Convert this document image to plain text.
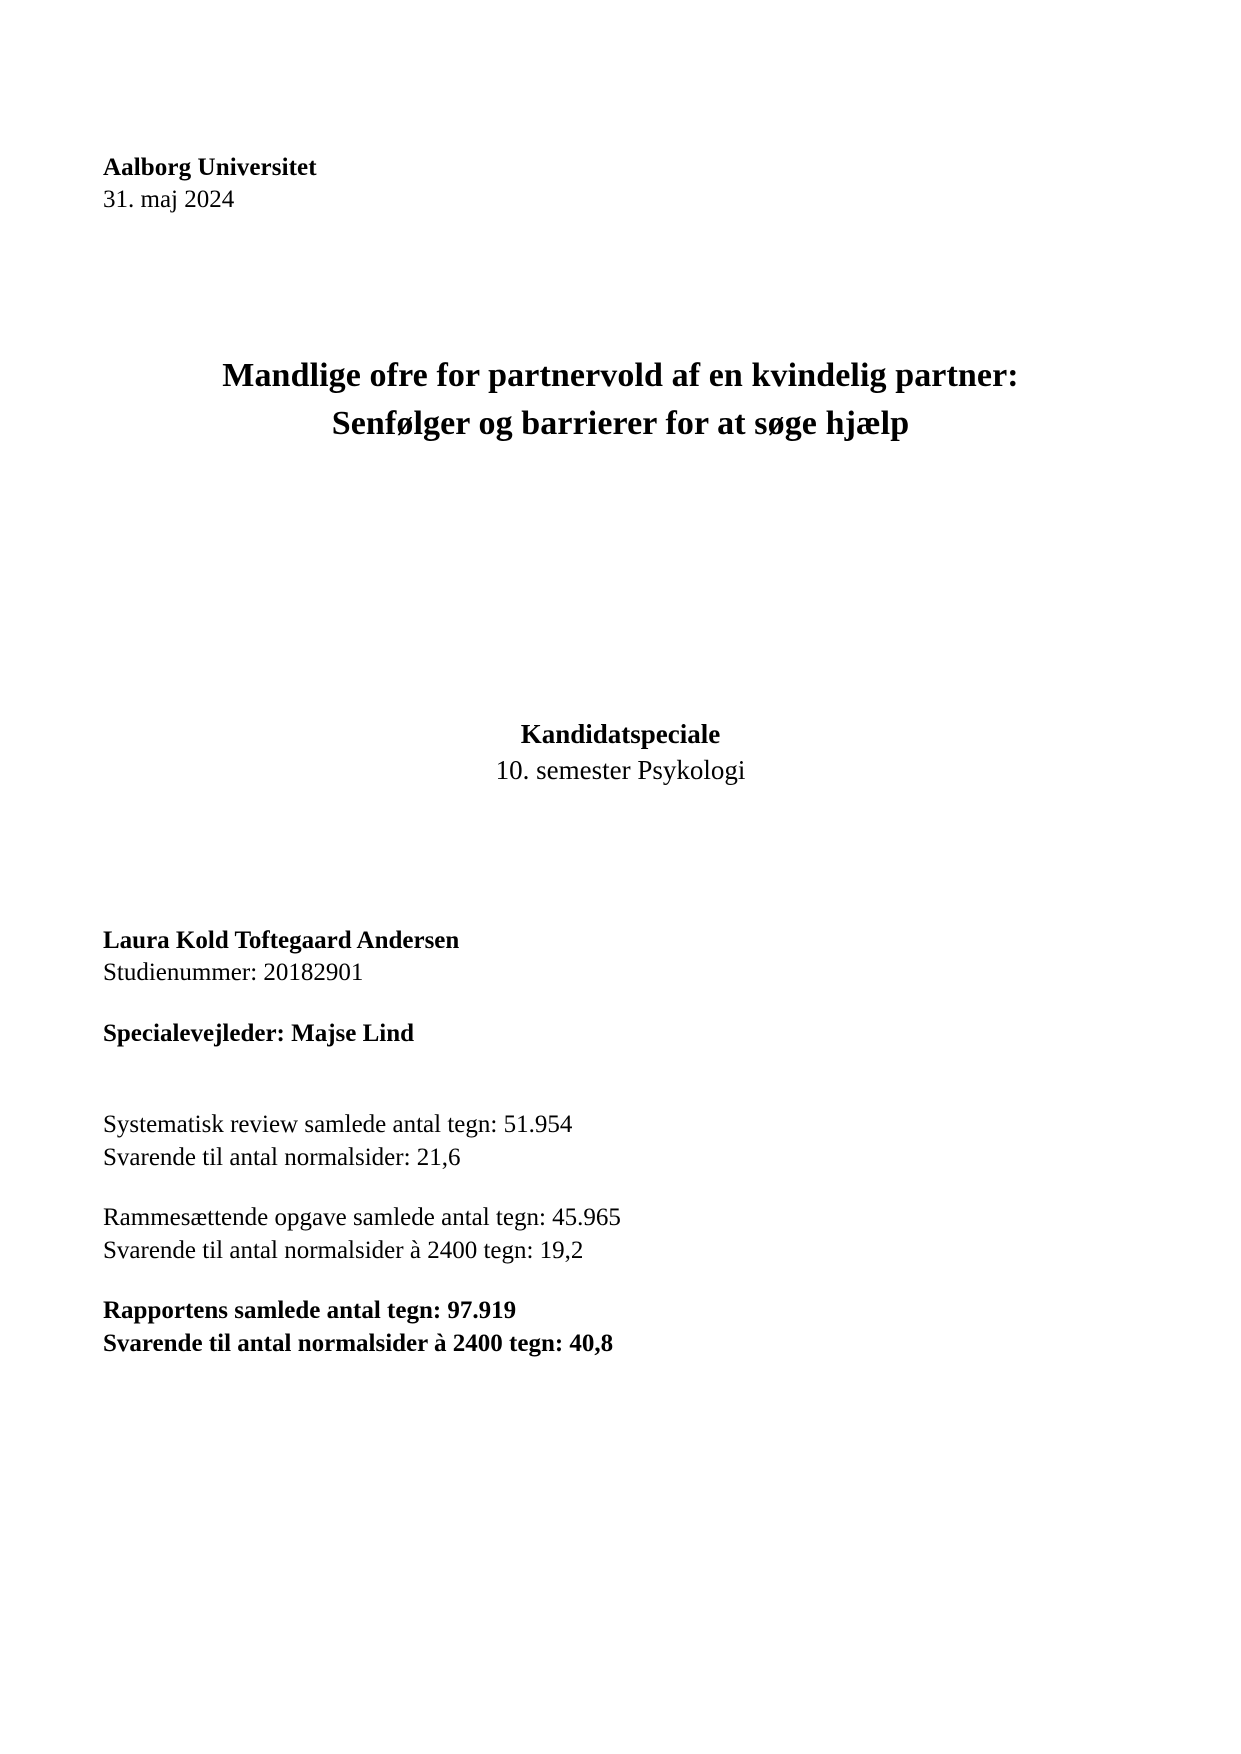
Aalborg Universitet
31. maj 2024
Mandlige ofre for partnervold af en kvindelig partner:
Senfølger og barrierer for at søge hjælp
Kandidatspeciale
10. semester Psykologi
Laura Kold Toftegaard Andersen
Studienummer: 20182901
Specialevejleder: Majse Lind
Systematisk review samlede antal tegn: 51.954
Svarende til antal normalsider: 21,6
Rammesættende opgave samlede antal tegn: 45.965
Svarende til antal normalsider à 2400 tegn: 19,2
Rapportens samlede antal tegn: 97.919
Svarende til antal normalsider à 2400 tegn: 40,8
